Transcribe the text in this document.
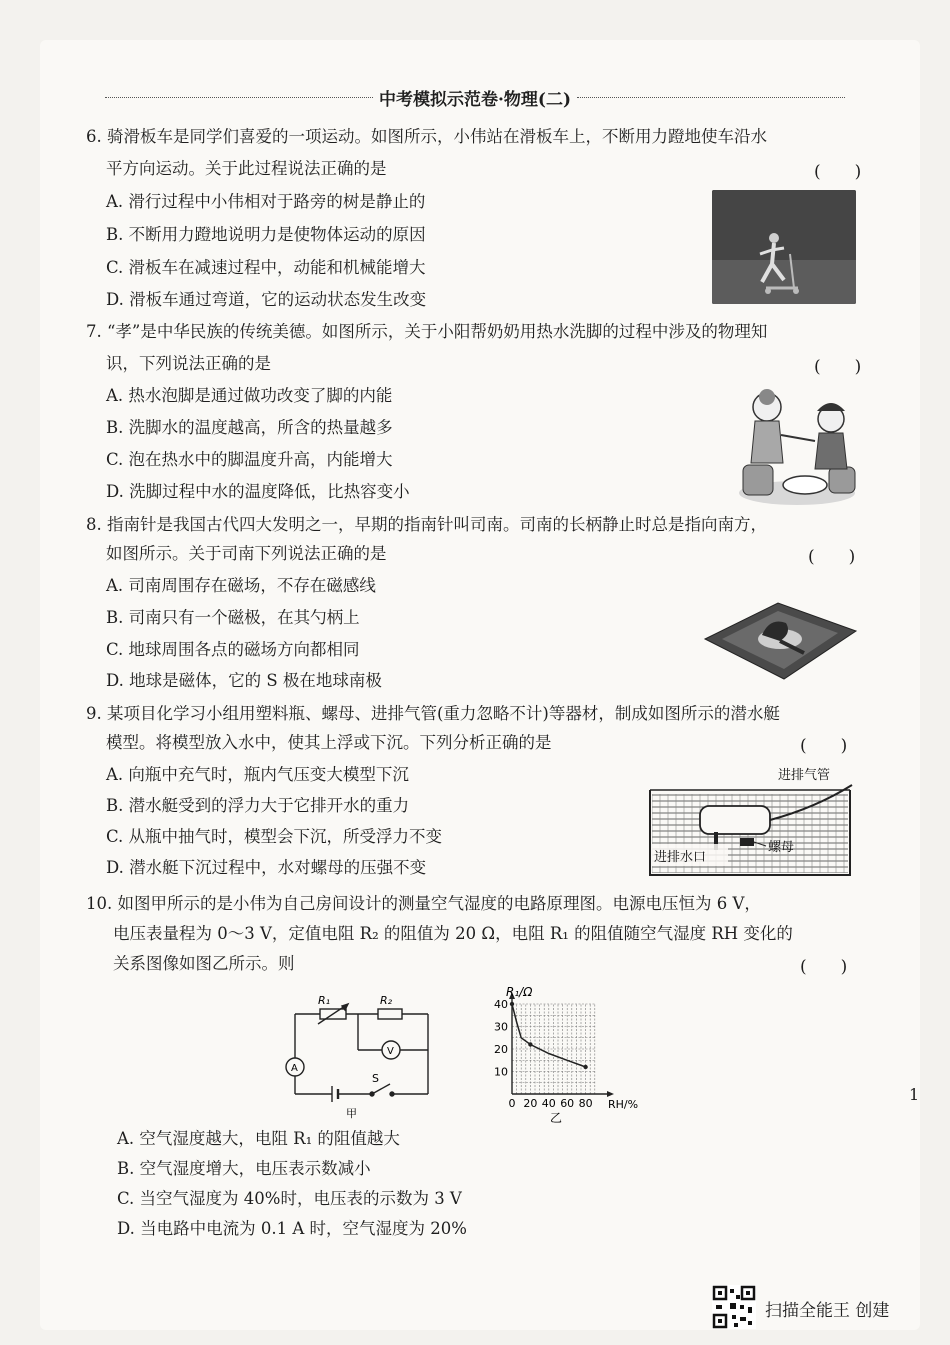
中考模拟示范卷·物理(二)
6. 骑滑板车是同学们喜爱的一项运动。如图所示，小伟站在滑板车上，不断用力蹬地使车沿水
平方向运动。关于此过程说法正确的是	(　　)
A. 滑行过程中小伟相对于路旁的树是静止的
B. 不断用力蹬地说明力是使物体运动的原因
C. 滑板车在减速过程中，动能和机械能增大
D. 滑板车通过弯道，它的运动状态发生改变
7. “孝”是中华民族的传统美德。如图所示，关于小阳帮奶奶用热水洗脚的过程中涉及的物理知
识，下列说法正确的是	(　　)
A. 热水泡脚是通过做功改变了脚的内能
B. 洗脚水的温度越高，所含的热量越多
C. 泡在热水中的脚温度升高，内能增大
D. 洗脚过程中水的温度降低，比热容变小
8. 指南针是我国古代四大发明之一，早期的指南针叫司南。司南的长柄静止时总是指向南方，
如图所示。关于司南下列说法正确的是	(　　)
A. 司南周围存在磁场，不存在磁感线
B. 司南只有一个磁极，在其勺柄上
C. 地球周围各点的磁场方向都相同
D. 地球是磁体，它的 S 极在地球南极
9. 某项目化学习小组用塑料瓶、螺母、进排气管(重力忽略不计)等器材，制成如图所示的潜水艇
模型。将模型放入水中，使其上浮或下沉。下列分析正确的是	(　　)
A. 向瓶中充气时，瓶内气压变大模型下沉
B. 潜水艇受到的浮力大于它排开水的重力
C. 从瓶中抽气时，模型会下沉，所受浮力不变
D. 潜水艇下沉过程中，水对螺母的压强不变
进排水口
螺母
进排气管
10. 如图甲所示的是小伟为自己房间设计的测量空气湿度的电路原理图。电源电压恒为 6 V，
电压表量程为 0～3 V，定值电阻 R₂ 的阻值为 20 Ω，电阻 R₁ 的阻值随空气湿度 RH 变化的
关系图像如图乙所示。则	(　　)
R₁	R₂
A
V
S
甲
0 20 40 60 80
10
20
30
40
R₁/Ω
RH/%
乙
A. 空气湿度越大，电阻 R₁ 的阻值越大
B. 空气湿度增大，电压表示数减小
C. 当空气湿度为 40%时，电压表的示数为 3 V
D. 当电路中电流为 0.1 A 时，空气湿度为 20%
1
扫描全能王 创建
